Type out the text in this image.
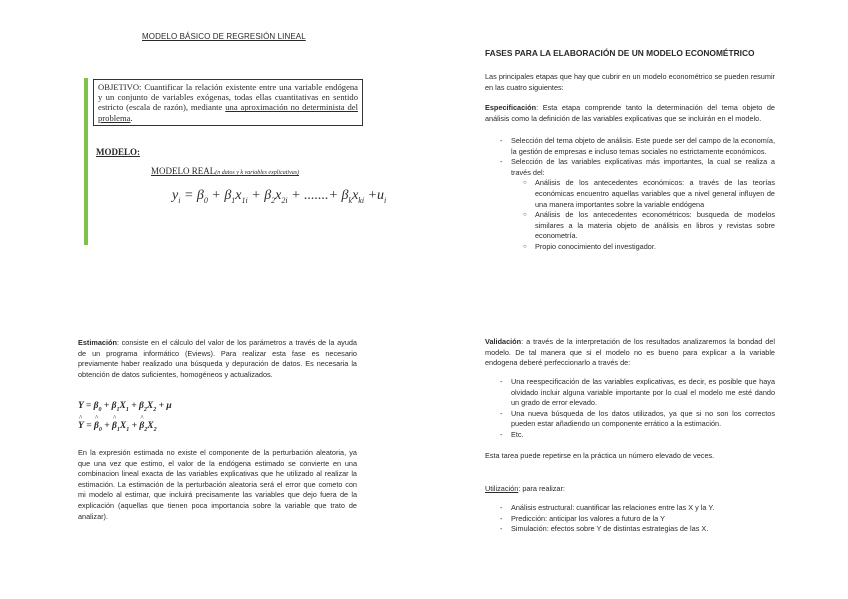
MODELO BÁSICO DE REGRESIÓN LINEAL
OBJETIVO: Cuantificar la relación existente entre una variable endógena y un conjunto de variables exógenas, todas ellas cuantitativas en sentido estricto (escala de razón), mediante una aproximación no determinista del problema.
MODELO:
MODELO REAL(n datos y k variables explicativas)
$y_i = \beta_0 + \beta_1x_{1i} + \beta_2x_{2i}$ + .......+ $\beta_kx_{ki} +u_i$
FASES PARA LA ELABORACIÓN DE UN MODELO ECONOMÉTRICO
Las principales etapas que hay que cubrir en un modelo econométrico se pueden resumir en las cuatro siguientes:
Especificación: Esta etapa comprende tanto la determinación del tema objeto de análisis como la definición de las variables explicativas que se incluirán en el modelo.
- Selección del tema objeto de análisis. Este puede ser del campo de la economía, la gestión de empresas e incluso temas sociales no estrictamente económicos.
- Selección de las variables explicativas más importantes, la cual se realiza a través del:
○ Análisis de los antecedentes económicos: a través de las teorías económicas encuentro aquellas variables que a nivel general influyen de una manera importantes sobre la variable endógena
○ Análisis de los antecedentes econométricos: busqueda de modelos similares a la materia objeto de análisis en libros y revistas sobre econometría.
○ Propio conocimiento del investigador.
Estimación: consiste en el cálculo del valor de los parámetros a través de la ayuda de un programa informático (Eviews). Para realizar esta fase es necesario previamente haber realizado una búsqueda y depuración de datos. Es necesaria la obtención de datos suficientes, homogéneos y actualizados.
$Y = \beta_0 + \beta_1X_1 + \beta_2X_2 + \mu$
^ Y = ^ $\beta_0$ + ^ $\beta_1X_1$ + ^ $\beta_2X_2$
En la expresión estimada no existe el componente de la perturbación aleatoria, ya que una vez que estimo, el valor de la endógena estimado se convierte en una combinacion lineal exacta de las variables explicativas que he utilizado al realizar la estimación. La estimación de la perturbación aleatoria será el error que cometo con mi modelo al estimar, que incluirá precisamente las variables que dejo fuera de la explicación (aquellas que tienen poca importancia sobre la variable que trato de analizar).
Validación: a través de la interpretación de los resultados analizaremos la bondad del modelo. De tal manera que si el modelo no es bueno para explicar a la variable endogena deberé perfeccionarlo a través de:
- Una reespecificación de las variables explicativas, es decir, es posible que haya olvidado incluir alguna variable importante por lo cual el modelo me esté dando un grado de error elevado.
- Una nueva búsqueda de los datos utilizados, ya que si no son los correctos pueden estar añadiendo un componente errático a la estimación.
- Etc.
Esta tarea puede repetirse en la práctica un número elevado de veces.
Utilización: para realizar:
- Análisis estructural: cuantificar las relaciones entre las X y la Y.
- Predicción: anticipar los valores a futuro de la Y
- Simulación: efectos sobre Y de distintas estrategias de las X.
